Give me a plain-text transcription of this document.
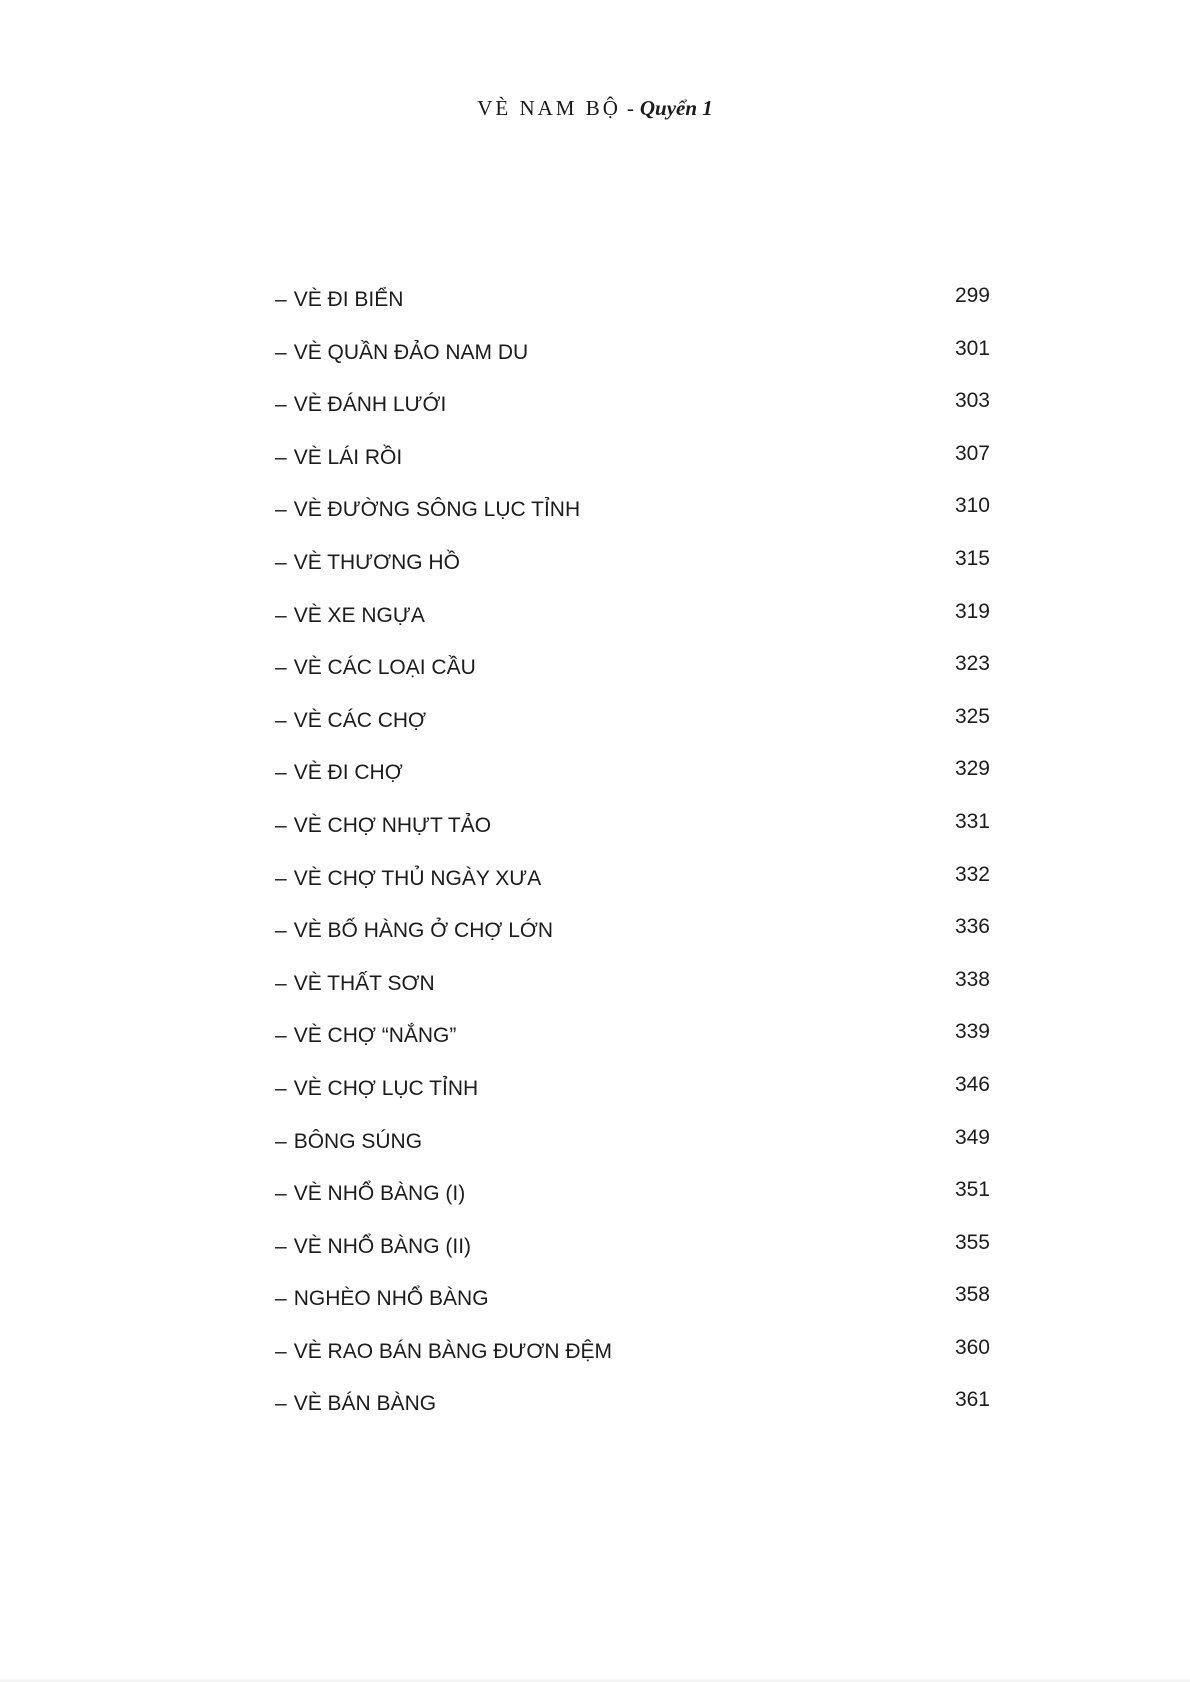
VÈ NAM BỘ - Quyển 1
– VÈ ĐI BIỂN	299
– VÈ QUẦN ĐẢO NAM DU	301
– VÈ ĐÁNH LƯỚI	303
– VÈ LÁI RỒI	307
– VÈ ĐƯỜNG SÔNG LỤC TỈNH	310
– VÈ THƯƠNG HỒ	315
– VÈ XE NGỰA	319
– VÈ CÁC LOẠI CẦU	323
– VÈ CÁC CHỢ	325
– VÈ ĐI CHỢ	329
– VÈ CHỢ NHỰT TẢO	331
– VÈ CHỢ THỦ NGÀY XƯA	332
– VÈ BỐ HÀNG Ở CHỢ LỚN	336
– VÈ THẤT SƠN	338
– VÈ CHỢ “NẮNG”	339
– VÈ CHỢ LỤC TỈNH	346
– BÔNG SÚNG	349
– VÈ NHỔ BÀNG (I)	351
– VÈ NHỔ BÀNG (II)	355
– NGHÈO NHỔ BÀNG	358
– VÈ RAO BÁN BÀNG ĐƯƠN ĐỆM	360
– VÈ BÁN BÀNG	361
